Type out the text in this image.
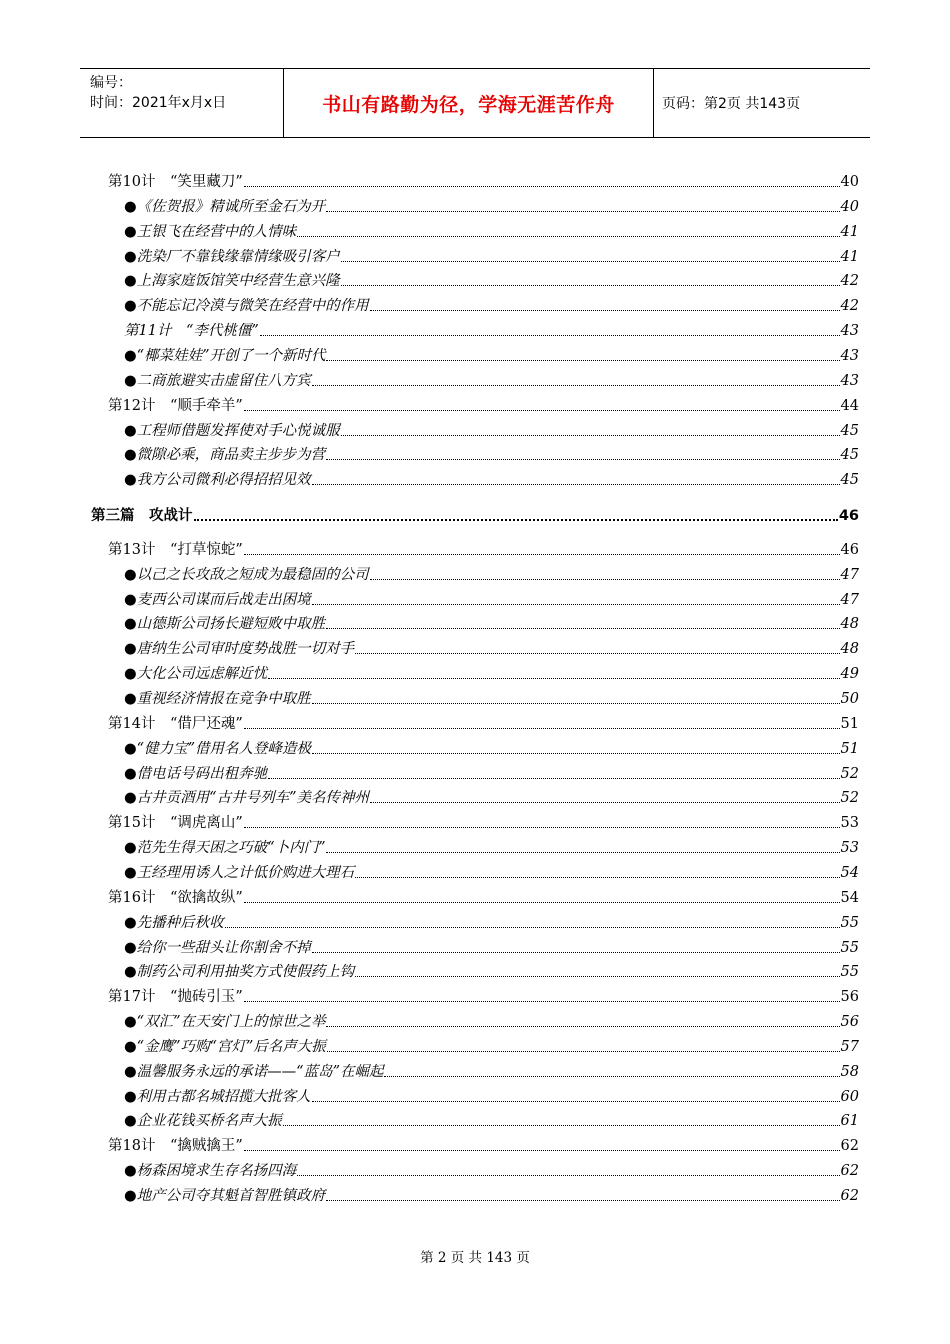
编号：
时间：2021年x月x日	书山有路勤为径，学海无涯苦作舟	页码：第2页 共143页
第10计　“笑里藏刀”	40
●《佐贺报》精诚所至金石为开	40
●王银飞在经营中的人情味	41
●洗染厂不靠钱缘靠情缘吸引客户	41
●上海家庭饭馆笑中经营生意兴隆	42
●不能忘记冷漠与微笑在经营中的作用	42
第11计　“李代桃僵”	43
●“椰菜娃娃”开创了一个新时代	43
●二商旅避实击虚留住八方宾	43
第12计　“顺手牵羊”	44
●工程师借题发挥使对手心悦诚服	45
●微隙必乘，商品卖主步步为营	45
●我方公司微利必得招招见效	45
第三篇　攻战计	46
第13计　“打草惊蛇”	46
●以己之长攻敌之短成为最稳固的公司	47
●麦西公司谋而后战走出困境	47
●山德斯公司扬长避短败中取胜	48
●唐纳生公司审时度势战胜一切对手	48
●大化公司远虑解近忧	49
●重视经济情报在竞争中取胜	50
第14计　“借尸还魂”	51
●“健力宝”借用名人登峰造极	51
●借电话号码出租奔驰	52
●古井贡酒用“古井号列车”美名传神州	52
第15计　“调虎离山”	53
●范先生得天困之巧破“卜内门”	53
●王经理用诱人之计低价购进大理石	54
第16计　“欲擒故纵”	54
●先播种后秋收	55
●给你一些甜头让你割舍不掉	55
●制药公司利用抽奖方式使假药上钩	55
第17计　“抛砖引玉”	56
●“双汇”在天安门上的惊世之举	56
●“金鹰”巧购“宫灯”后名声大振	57
●温馨服务永远的承诺——“蓝岛”在崛起	58
●利用古都名城招揽大批客人	60
●企业花钱买桥名声大振	61
第18计　“擒贼擒王”	62
●杨森困境求生存名扬四海	62
●地产公司夺其魁首智胜镇政府	62
第 2 页 共 143 页
